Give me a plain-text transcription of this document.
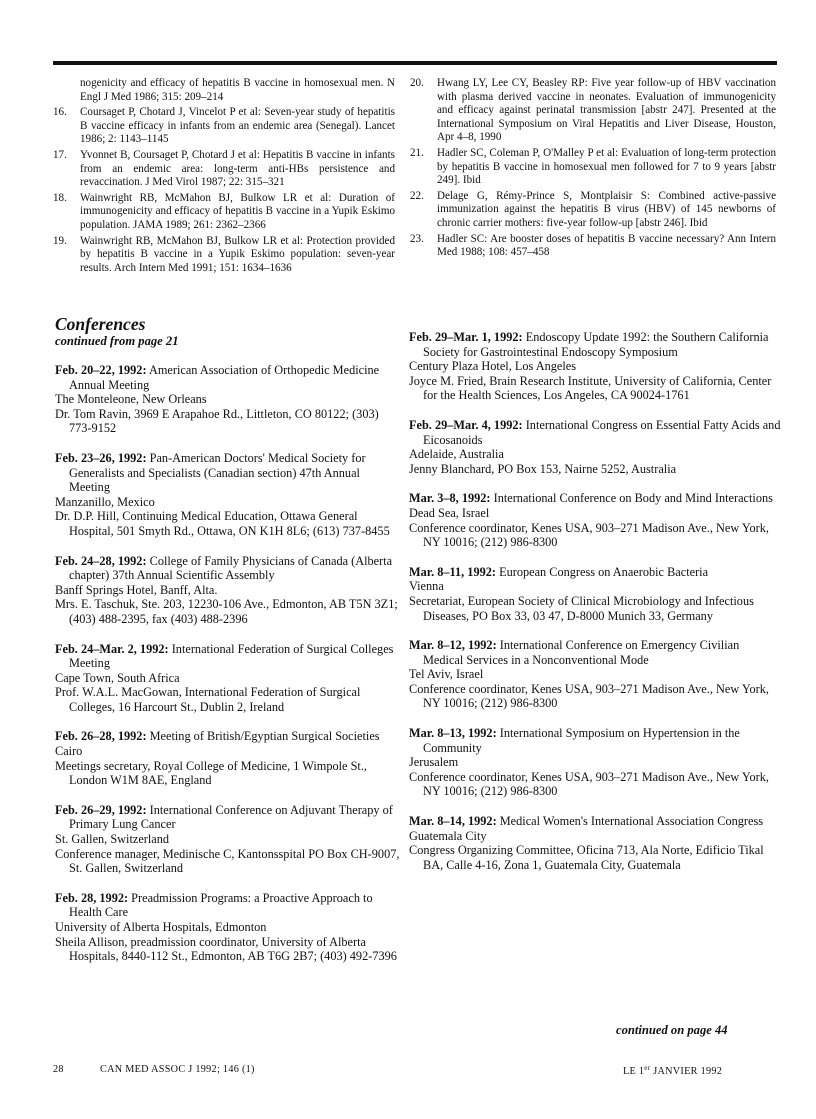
nogenicity and efficacy of hepatitis B vaccine in homosexual men. N Engl J Med 1986; 315: 209–214
16.	Coursaget P, Chotard J, Vincelot P et al: Seven-year study of hepatitis B vaccine efficacy in infants from an endemic area (Senegal). Lancet 1986; 2: 1143–1145
17.	Yvonnet B, Coursaget P, Chotard J et al: Hepatitis B vaccine in infants from an endemic area: long-term anti-HBs persistence and revaccination. J Med Virol 1987; 22: 315–321
18.	Wainwright RB, McMahon BJ, Bulkow LR et al: Duration of immunogenicity and efficacy of hepatitis B vaccine in a Yupik Eskimo population. JAMA 1989; 261: 2362–2366
19.	Wainwright RB, McMahon BJ, Bulkow LR et al: Protection provided by hepatitis B vaccine in a Yupik Eskimo population: seven-year results. Arch Intern Med 1991; 151: 1634–1636
20.	Hwang LY, Lee CY, Beasley RP: Five year follow-up of HBV vaccination with plasma derived vaccine in neonates. Evaluation of immunogenicity and efficacy against perinatal transmission [abstr 247]. Presented at the International Symposium on Viral Hepatitis and Liver Disease, Houston, Apr 4–8, 1990
21.	Hadler SC, Coleman P, O'Malley P et al: Evaluation of long-term protection by hepatitis B vaccine in homosexual men followed for 7 to 9 years [abstr 249]. Ibid
22.	Delage G, Rémy-Prince S, Montplaisir S: Combined active-passive immunization against the hepatitis B virus (HBV) of 145 newborns of chronic carrier mothers: five-year follow-up [abstr 246]. Ibid
23.	Hadler SC: Are booster doses of hepatitis B vaccine necessary? Ann Intern Med 1988; 108: 457–458
Conferences
continued from page 21
Feb. 20–22, 1992: American Association of Orthopedic Medicine Annual Meeting
The Monteleone, New Orleans
Dr. Tom Ravin, 3969 E Arapahoe Rd., Littleton, CO 80122; (303) 773-9152
Feb. 23–26, 1992: Pan-American Doctors' Medical Society for Generalists and Specialists (Canadian section) 47th Annual Meeting
Manzanillo, Mexico
Dr. D.P. Hill, Continuing Medical Education, Ottawa General Hospital, 501 Smyth Rd., Ottawa, ON K1H 8L6; (613) 737-8455
Feb. 24–28, 1992: College of Family Physicians of Canada (Alberta chapter) 37th Annual Scientific Assembly
Banff Springs Hotel, Banff, Alta.
Mrs. E. Taschuk, Ste. 203, 12230-106 Ave., Edmonton, AB T5N 3Z1; (403) 488-2395, fax (403) 488-2396
Feb. 24–Mar. 2, 1992: International Federation of Surgical Colleges Meeting
Cape Town, South Africa
Prof. W.A.L. MacGowan, International Federation of Surgical Colleges, 16 Harcourt St., Dublin 2, Ireland
Feb. 26–28, 1992: Meeting of British/Egyptian Surgical Societies
Cairo
Meetings secretary, Royal College of Medicine, 1 Wimpole St., London W1M 8AE, England
Feb. 26–29, 1992: International Conference on Adjuvant Therapy of Primary Lung Cancer
St. Gallen, Switzerland
Conference manager, Medinische C, Kantonsspital PO Box CH-9007, St. Gallen, Switzerland
Feb. 28, 1992: Preadmission Programs: a Proactive Approach to Health Care
University of Alberta Hospitals, Edmonton
Sheila Allison, preadmission coordinator, University of Alberta Hospitals, 8440-112 St., Edmonton, AB T6G 2B7; (403) 492-7396
Feb. 29–Mar. 1, 1992: Endoscopy Update 1992: the Southern California Society for Gastrointestinal Endoscopy Symposium
Century Plaza Hotel, Los Angeles
Joyce M. Fried, Brain Research Institute, University of California, Center for the Health Sciences, Los Angeles, CA 90024-1761
Feb. 29–Mar. 4, 1992: International Congress on Essential Fatty Acids and Eicosanoids
Adelaide, Australia
Jenny Blanchard, PO Box 153, Nairne 5252, Australia
Mar. 3–8, 1992: International Conference on Body and Mind Interactions
Dead Sea, Israel
Conference coordinator, Kenes USA, 903–271 Madison Ave., New York, NY 10016; (212) 986-8300
Mar. 8–11, 1992: European Congress on Anaerobic Bacteria
Vienna
Secretariat, European Society of Clinical Microbiology and Infectious Diseases, PO Box 33, 03 47, D-8000 Munich 33, Germany
Mar. 8–12, 1992: International Conference on Emergency Civilian Medical Services in a Nonconventional Mode
Tel Aviv, Israel
Conference coordinator, Kenes USA, 903–271 Madison Ave., New York, NY 10016; (212) 986-8300
Mar. 8–13, 1992: International Symposium on Hypertension in the Community
Jerusalem
Conference coordinator, Kenes USA, 903–271 Madison Ave., New York, NY 10016; (212) 986-8300
Mar. 8–14, 1992: Medical Women's International Association Congress
Guatemala City
Congress Organizing Committee, Oficina 713, Ala Norte, Edificio Tikal BA, Calle 4-16, Zona 1, Guatemala City, Guatemala
continued on page 44
28	CAN MED ASSOC J 1992; 146 (1)	LE 1er JANVIER 1992
